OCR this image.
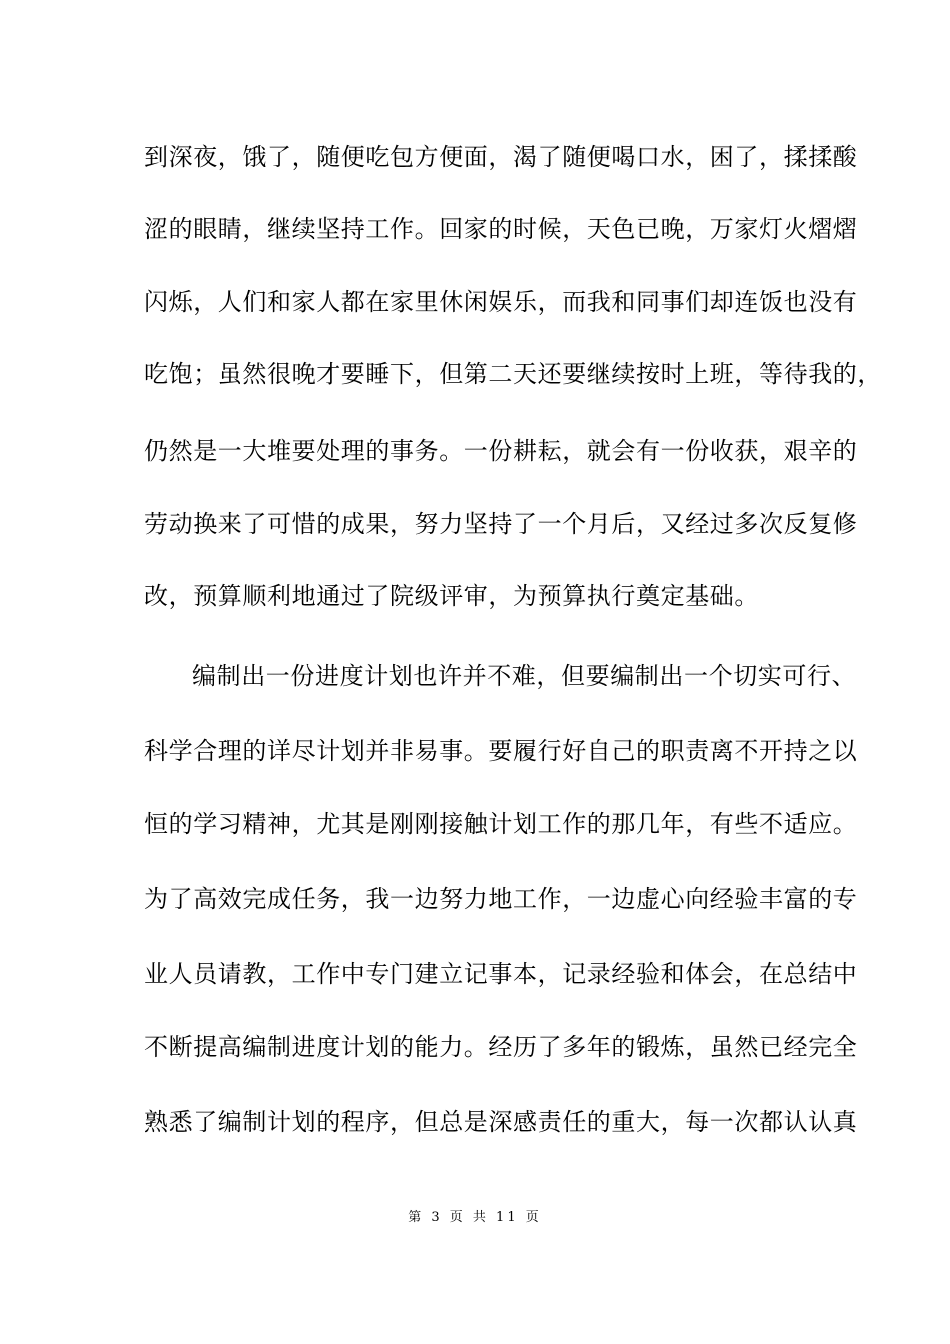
到深夜，饿了，随便吃包方便面，渴了随便喝口水，困了，揉揉酸
涩的眼睛，继续坚持工作。回家的时候，天色已晚，万家灯火熠熠
闪烁，人们和家人都在家里休闲娱乐，而我和同事们却连饭也没有
吃饱；虽然很晚才要睡下，但第二天还要继续按时上班，等待我的，
仍然是一大堆要处理的事务。一份耕耘，就会有一份收获，艰辛的
劳动换来了可惜的成果，努力坚持了一个月后，又经过多次反复修
改，预算顺利地通过了院级评审，为预算执行奠定基础。
编制出一份进度计划也许并不难，但要编制出一个切实可行、
科学合理的详尽计划并非易事。要履行好自己的职责离不开持之以
恒的学习精神，尤其是刚刚接触计划工作的那几年，有些不适应。
为了高效完成任务，我一边努力地工作，一边虚心向经验丰富的专
业人员请教，工作中专门建立记事本，记录经验和体会，在总结中
不断提高编制进度计划的能力。经历了多年的锻炼，虽然已经完全
熟悉了编制计划的程序，但总是深感责任的重大，每一次都认认真
第 3 页 共 11 页
